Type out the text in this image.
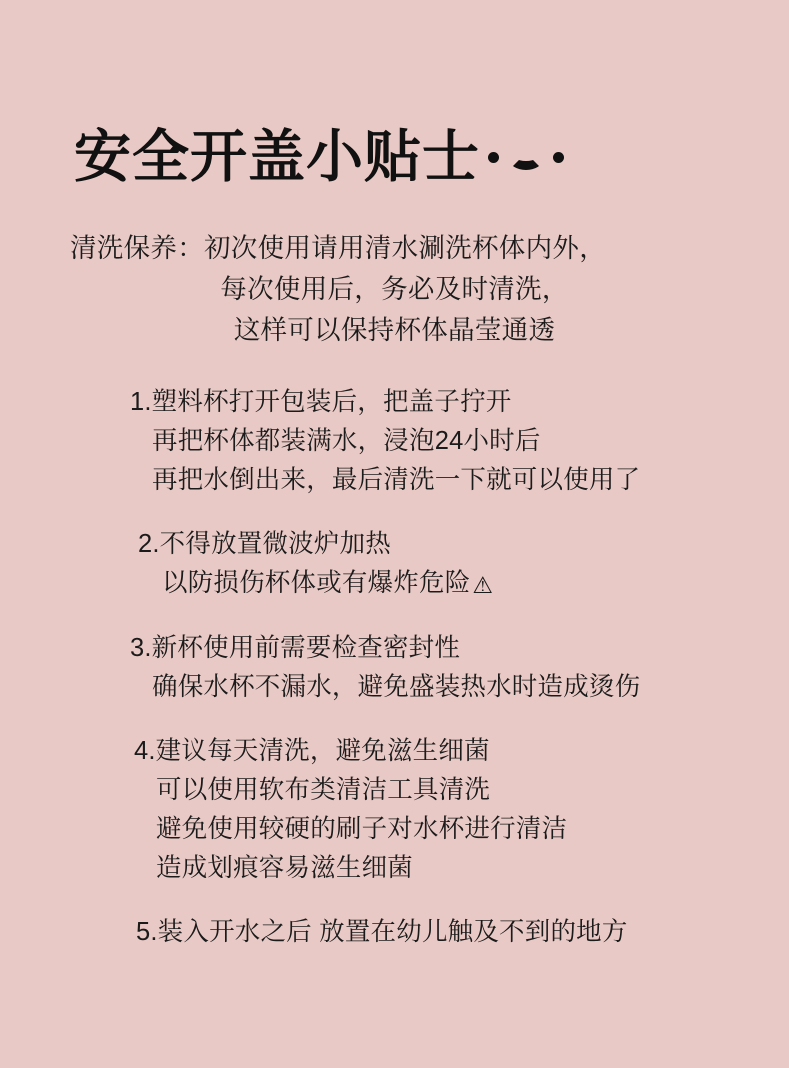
安全开盖小贴士
清洗保养：初次使用请用清水涮洗杯体内外，
每次使用后，务必及时清洗，
这样可以保持杯体晶莹通透
1.塑料杯打开包装后，把盖子拧开
再把杯体都装满水，浸泡24小时后
再把水倒出来，最后清洗一下就可以使用了
2.不得放置微波炉加热
以防损伤杯体或有爆炸危险⚠
3.新杯使用前需要检查密封性
确保水杯不漏水，避免盛装热水时造成烫伤
4.建议每天清洗，避免滋生细菌
可以使用软布类清洁工具清洗
避免使用较硬的刷子对水杯进行清洁
造成划痕容易滋生细菌
5.装入开水之后 放置在幼儿触及不到的地方
